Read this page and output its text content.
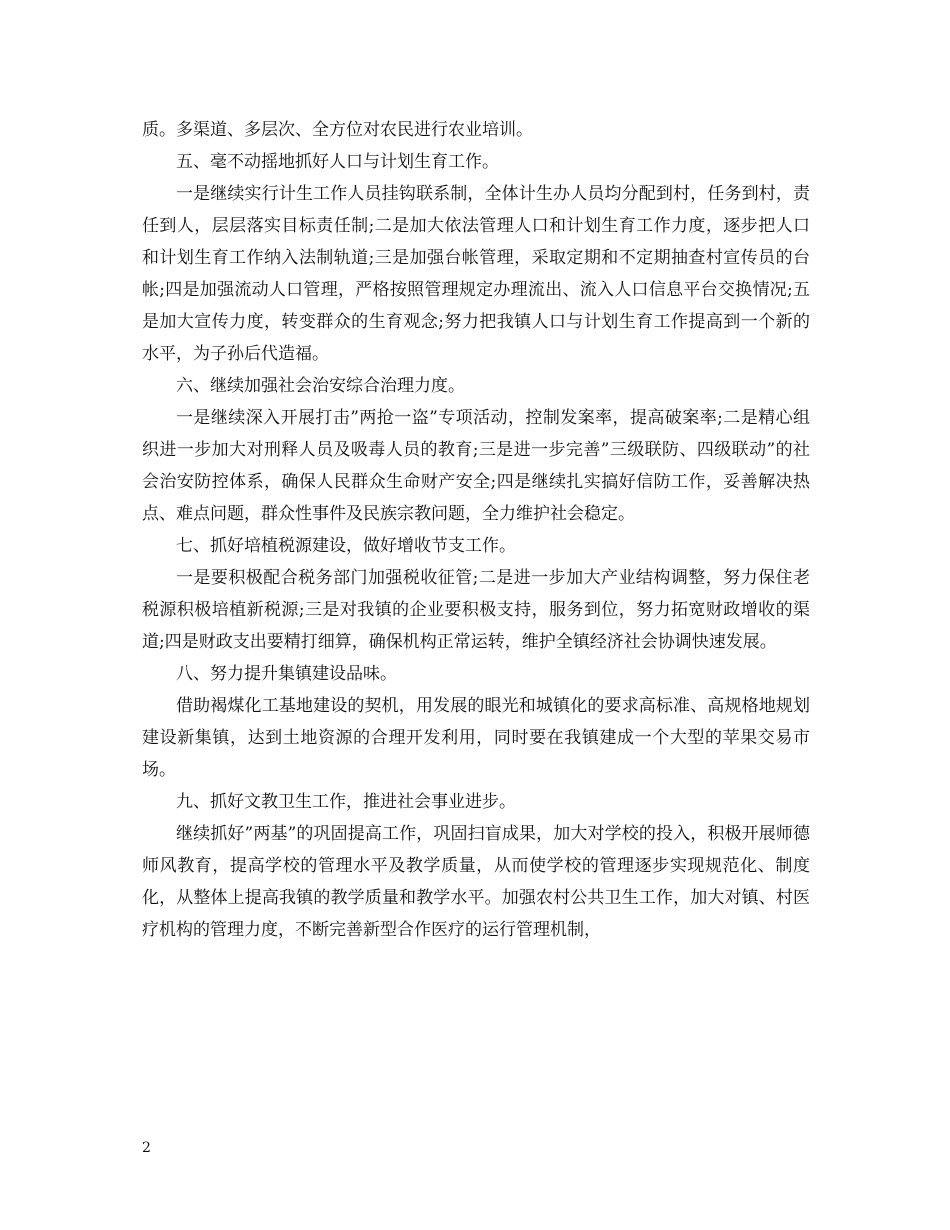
质。多渠道、多层次、全方位对农民进行农业培训。

五、毫不动摇地抓好人口与计划生育工作。

一是继续实行计生工作人员挂钩联系制，全体计生办人员均分配到村，任务到村，责任到人，层层落实目标责任制;二是加大依法管理人口和计划生育工作力度，逐步把人口和计划生育工作纳入法制轨道;三是加强台帐管理，采取定期和不定期抽查村宣传员的台帐;四是加强流动人口管理，严格按照管理规定办理流出、流入人口信息平台交换情况;五是加大宣传力度，转变群众的生育观念;努力把我镇人口与计划生育工作提高到一个新的水平，为子孙后代造福。

六、继续加强社会治安综合治理力度。

一是继续深入开展打击”两抢一盗”专项活动，控制发案率，提高破案率;二是精心组织进一步加大对刑释人员及吸毒人员的教育;三是进一步完善”三级联防、四级联动”的社会治安防控体系，确保人民群众生命财产安全;四是继续扎实搞好信防工作，妥善解决热点、难点问题，群众性事件及民族宗教问题，全力维护社会稳定。

七、抓好培植税源建设，做好增收节支工作。

一是要积极配合税务部门加强税收征管;二是进一步加大产业结构调整，努力保住老税源积极培植新税源;三是对我镇的企业要积极支持，服务到位，努力拓宽财政增收的渠道;四是财政支出要精打细算，确保机构正常运转，维护全镇经济社会协调快速发展。

八、努力提升集镇建设品味。

借助褐煤化工基地建设的契机，用发展的眼光和城镇化的要求高标准、高规格地规划建设新集镇，达到土地资源的合理开发利用，同时要在我镇建成一个大型的苹果交易市场。

九、抓好文教卫生工作，推进社会事业进步。

继续抓好”两基”的巩固提高工作，巩固扫盲成果，加大对学校的投入，积极开展师德师风教育，提高学校的管理水平及教学质量，从而使学校的管理逐步实现规范化、制度化，从整体上提高我镇的教学质量和教学水平。加强农村公共卫生工作，加大对镇、村医疗机构的管理力度，不断完善新型合作医疗的运行管理机制，

2
